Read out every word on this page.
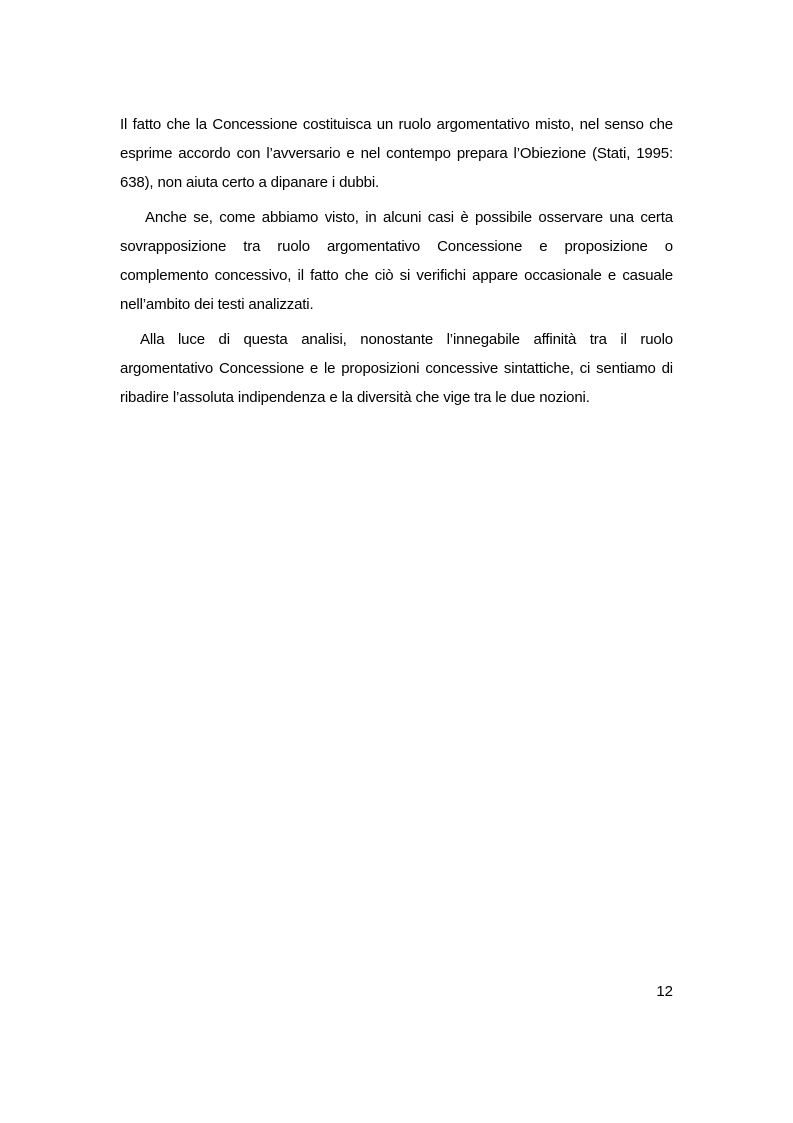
Il fatto che la Concessione costituisca un ruolo argomentativo misto, nel senso che esprime accordo con l’avversario e nel contempo prepara l’Obiezione (Stati, 1995: 638), non aiuta certo a dipanare i dubbi.

Anche se, come abbiamo visto, in alcuni casi è possibile osservare una certa sovrapposizione tra ruolo argomentativo Concessione e proposizione o complemento concessivo, il fatto che ciò si verifichi appare occasionale e casuale nell’ambito dei testi analizzati.

Alla luce di questa analisi, nonostante l’innegabile affinità tra il ruolo argomentativo Concessione e le proposizioni concessive sintattiche, ci sentiamo di ribadire l’assoluta indipendenza e la diversità che vige tra le due nozioni.

12
